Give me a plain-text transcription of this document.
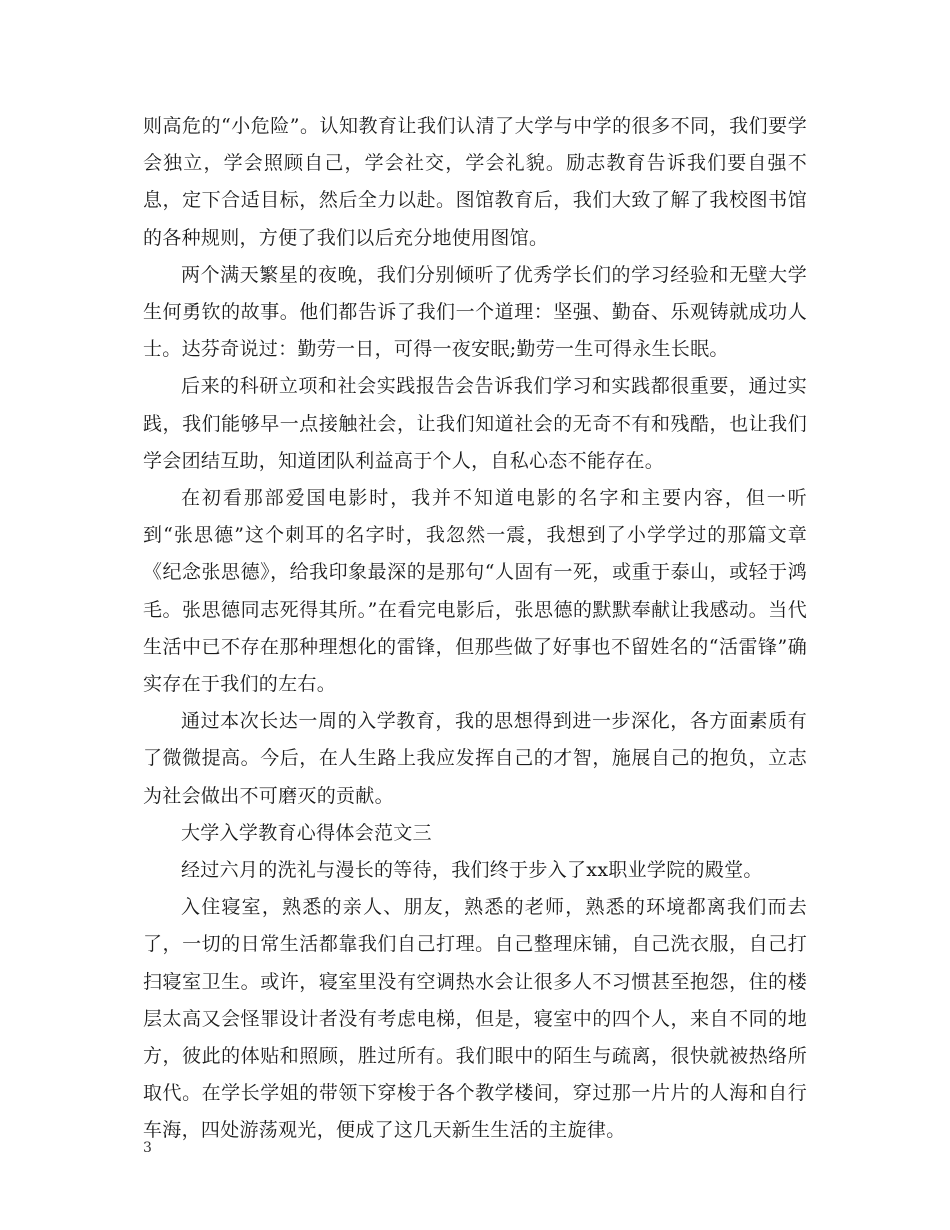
则高危的“小危险”。认知教育让我们认清了大学与中学的很多不同，我们要学会独立，学会照顾自己，学会社交，学会礼貌。励志教育告诉我们要自强不息，定下合适目标，然后全力以赴。图馆教育后，我们大致了解了我校图书馆的各种规则，方便了我们以后充分地使用图馆。

两个满天繁星的夜晚，我们分别倾听了优秀学长们的学习经验和无壁大学生何勇钦的故事。他们都告诉了我们一个道理：坚强、勤奋、乐观铸就成功人士。达芬奇说过：勤劳一日，可得一夜安眠;勤劳一生可得永生长眠。

后来的科研立项和社会实践报告会告诉我们学习和实践都很重要，通过实践，我们能够早一点接触社会，让我们知道社会的无奇不有和残酷，也让我们学会团结互助，知道团队利益高于个人，自私心态不能存在。

在初看那部爱国电影时，我并不知道电影的名字和主要内容，但一听到“张思德”这个刺耳的名字时，我忽然一震，我想到了小学学过的那篇文章《纪念张思德》，给我印象最深的是那句“人固有一死，或重于泰山，或轻于鸿毛。张思德同志死得其所。”在看完电影后，张思德的默默奉献让我感动。当代生活中已不存在那种理想化的雷锋，但那些做了好事也不留姓名的“活雷锋”确实存在于我们的左右。

通过本次长达一周的入学教育，我的思想得到进一步深化，各方面素质有了微微提高。今后，在人生路上我应发挥自己的才智，施展自己的抱负，立志为社会做出不可磨灭的贡献。

大学入学教育心得体会范文三

经过六月的洗礼与漫长的等待，我们终于步入了xx职业学院的殿堂。

入住寝室，熟悉的亲人、朋友，熟悉的老师，熟悉的环境都离我们而去了，一切的日常生活都靠我们自己打理。自己整理床铺，自己洗衣服，自己打扫寝室卫生。或许，寝室里没有空调热水会让很多人不习惯甚至抱怨，住的楼层太高又会怪罪设计者没有考虑电梯，但是，寝室中的四个人，来自不同的地方，彼此的体贴和照顾，胜过所有。我们眼中的陌生与疏离，很快就被热络所取代。在学长学姐的带领下穿梭于各个教学楼间，穿过那一片片的人海和自行车海，四处游荡观光，便成了这几天新生生活的主旋律。

3
